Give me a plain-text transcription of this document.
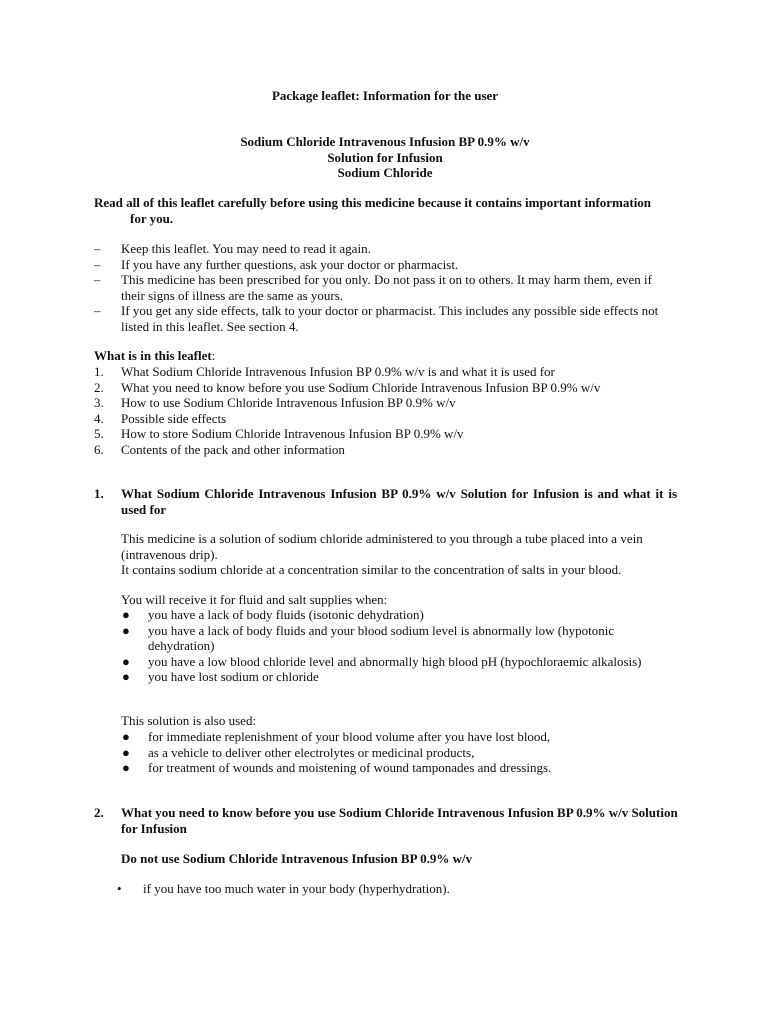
Package leaflet: Information for the user
Sodium Chloride Intravenous Infusion BP 0.9% w/v
Solution for Infusion
Sodium Chloride
Read all of this leaflet carefully before using this medicine because it contains important information for you.
– Keep this leaflet. You may need to read it again.
– If you have any further questions, ask your doctor or pharmacist.
– This medicine has been prescribed for you only. Do not pass it on to others. It may harm them, even if their signs of illness are the same as yours.
– If you get any side effects, talk to your doctor or pharmacist. This includes any possible side effects not listed in this leaflet. See section 4.
What is in this leaflet:
1. What Sodium Chloride Intravenous Infusion BP 0.9% w/v is and what it is used for
2. What you need to know before you use Sodium Chloride Intravenous Infusion BP 0.9% w/v
3. How to use Sodium Chloride Intravenous Infusion BP 0.9% w/v
4. Possible side effects
5. How to store Sodium Chloride Intravenous Infusion BP 0.9% w/v
6. Contents of the pack and other information
1. What Sodium Chloride Intravenous Infusion BP 0.9% w/v Solution for Infusion is and what it is used for

This medicine is a solution of sodium chloride administered to you through a tube placed into a vein (intravenous drip).

It contains sodium chloride at a concentration similar to the concentration of salts in your blood.

You will receive it for fluid and salt supplies when:
● you have a lack of body fluids (isotonic dehydration)
● you have a lack of body fluids and your blood sodium level is abnormally low (hypotonic dehydration)
● you have a low blood chloride level and abnormally high blood pH (hypochloraemic alkalosis)
● you have lost sodium or chloride
This solution is also used:
● for immediate replenishment of your blood volume after you have lost blood,
● as a vehicle to deliver other electrolytes or medicinal products,
● for treatment of wounds and moistening of wound tamponades and dressings.
2. What you need to know before you use Sodium Chloride Intravenous Infusion BP 0.9% w/v Solution for Infusion
Do not use Sodium Chloride Intravenous Infusion BP 0.9% w/v
• if you have too much water in your body (hyperhydration).
